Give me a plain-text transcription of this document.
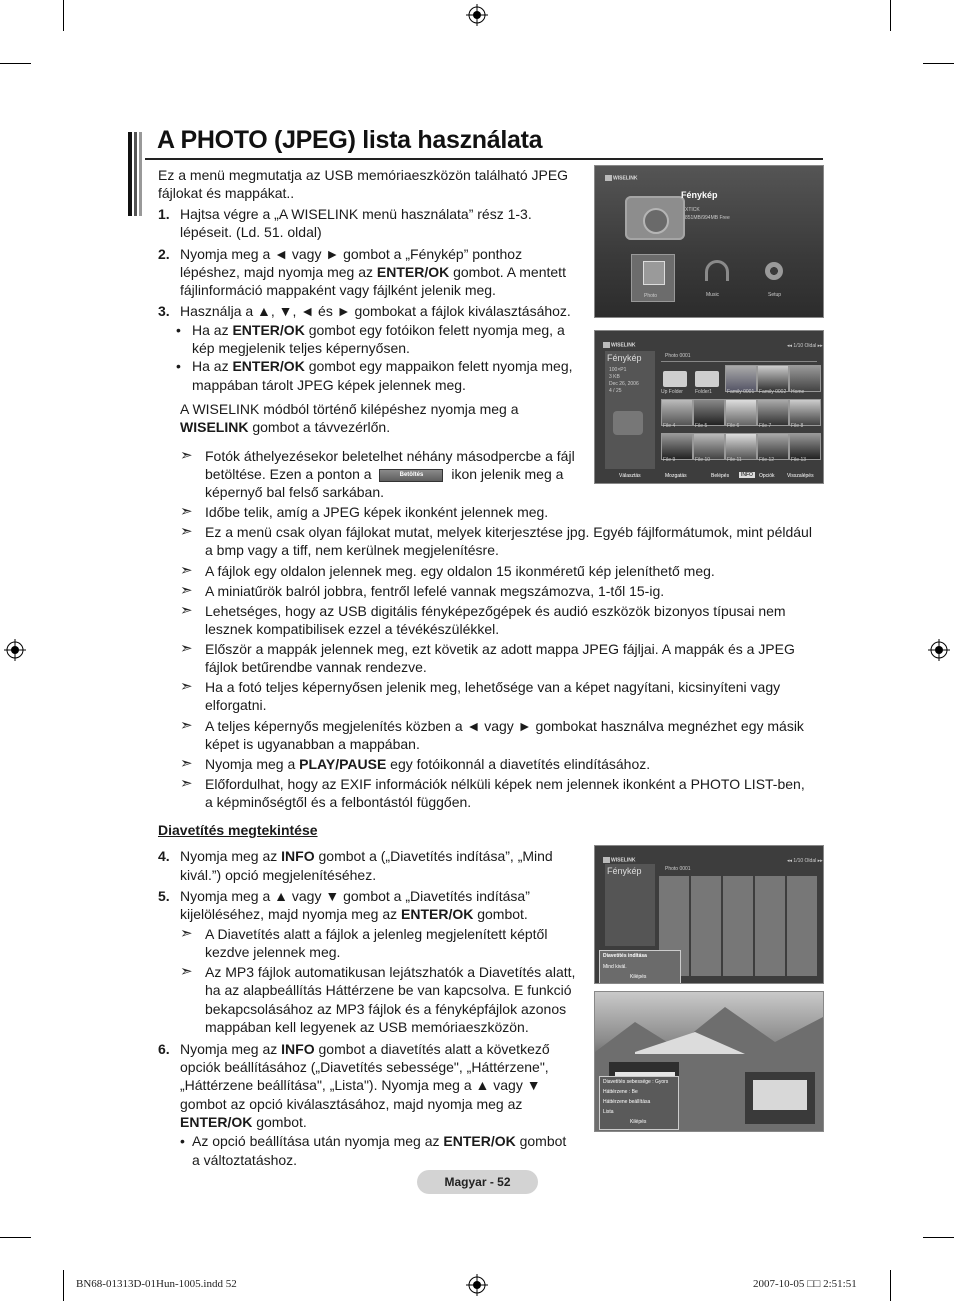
A PHOTO (JPEG) lista használata
Ez a menü megmutatja az USB memóriaeszközön található JPEG
fájlokat és mappákat..
1. Hajtsa végre a „A WISELINK menü használata” rész 1-3.
lépéseit. (Ld. 51. oldal)
2. Nyomja meg a ◄ vagy ► gombot a „Fénykép” ponthoz
lépéshez, majd nyomja meg az ENTER/OK gombot. A mentett
fájlinformáció mappaként vagy fájlként jelenik meg.
3. Használja a ▲, ▼, ◄ és ► gombokat a fájlok kiválasztásához.
• Ha az ENTER/OK gombot egy fotóikon felett nyomja meg, a
kép megjelenik teljes képernyősen.
• Ha az ENTER/OK gombot egy mappaikon felett nyomja meg,
mappában tárolt JPEG képek jelennek meg.
A WISELINK módból történő kilépéshez nyomja meg a
WISELINK gombot a távvezérlőn.
➣ Fotók áthelyezésekor beletelhet néhány másodpercbe a fájl
betöltése. Ezen a ponton a	Betöltés ikon jelenik meg a
képernyő bal felső sarkában.
➣ Időbe telik, amíg a JPEG képek ikonként jelennek meg.
➣ Ez a menü csak olyan fájlokat mutat, melyek kiterjesztése jpg. Egyéb fájlformátumok, mint például
a bmp vagy a tiff, nem kerülnek megjelenítésre.
➣ A fájlok egy oldalon jelennek meg. egy oldalon 15 ikonméretű kép jeleníthető meg.
➣ A miniatűrök balról jobbra, fentről lefelé vannak megszámozva, 1-től 15-ig.
➣ Lehetséges, hogy az USB digitális fényképezőgépek és audió eszközök bizonyos típusai nem
lesznek kompatibilisek ezzel a tévékészülékkel.
➣ Először a mappák jelennek meg, ezt követik az adott mappa JPEG fájljai. A mappák és a JPEG
fájlok betűrendbe vannak rendezve.
➣ Ha a fotó teljes képernyősen jelenik meg, lehetősége van a képet nagyítani, kicsinyíteni vagy
elforgatni.
➣ A teljes képernyős megjelenítés közben a ◄ vagy ► gombokat használva megnézhet egy másik
képet is ugyanabban a mappában.
➣ Nyomja meg a PLAY/PAUSE egy fotóikonnál a diavetítés elindításához.
➣ Előfordulhat, hogy az EXIF információk nélküli képek nem jelennek ikonként a PHOTO LIST-ben,
a képminőségtől és a felbontástól függően.
Diavetítés megtekintése
4. Nyomja meg az INFO gombot a („Diavetítés indítása”, „Mind
kivál.”) opció megjelenítéséhez.
5. Nyomja meg a ▲ vagy ▼ gombot a „Diavetítés indítása”
kijelöléséhez, majd nyomja meg az ENTER/OK gombot.
➣ A Diavetítés alatt a fájlok a jelenleg megjelenített képtől
kezdve jelennek meg.
➣ Az MP3 fájlok automatikusan lejátszhatók a Diavetítés alatt,
ha az alapbeállítás Háttérzene be van kapcsolva. E funkció
bekapcsolásához az MP3 fájlok és a fényképfájlok azonos
mappában kell legyenek az USB memóriaeszközön.
6. Nyomja meg az INFO gombot a diavetítés alatt a következő
opciók beállításához („Diavetítés sebessége", „Háttérzene",
„Háttérzene beállítása", „Lista"). Nyomja meg a ▲ vagy ▼
gombot az opció kiválasztásához, majd nyomja meg az
ENTER/OK gombot.
• Az opció beállítása után nyomja meg az ENTER/OK gombot
a változtatáshoz.
WISELINK
Fénykép
XTICK
851MB/994MB Free
Photo	Music	Setup
WISELINK	◂◂ 1/10 Oldal ▸▸
Fénykép
100×P1
3 KB
Dec 26, 2006
4 / 25
Photo 0001
Up Folder Folder1	Family 0001 Family 0002 Home
File 4	File 5	File 6	File 7	File 8
File 9	File 10	File 11	File 12	File 13
Választás	Mozgatás	Belépés	INFO	Opciók Visszalépés
WISELINK	◂◂ 1/10 Oldal ▸▸
Fénykép	Photo 0001
Diavetítés indítása
Mind kivál.
Kilépés
Diavetítés sebessége : Gyors
Háttérzene : Be
Háttérzene beállítása
Lista
Kilépés
Magyar - 52
BN68-01313D-01Hun-1005.indd 52	2007-10-05 □□ 2:51:51
